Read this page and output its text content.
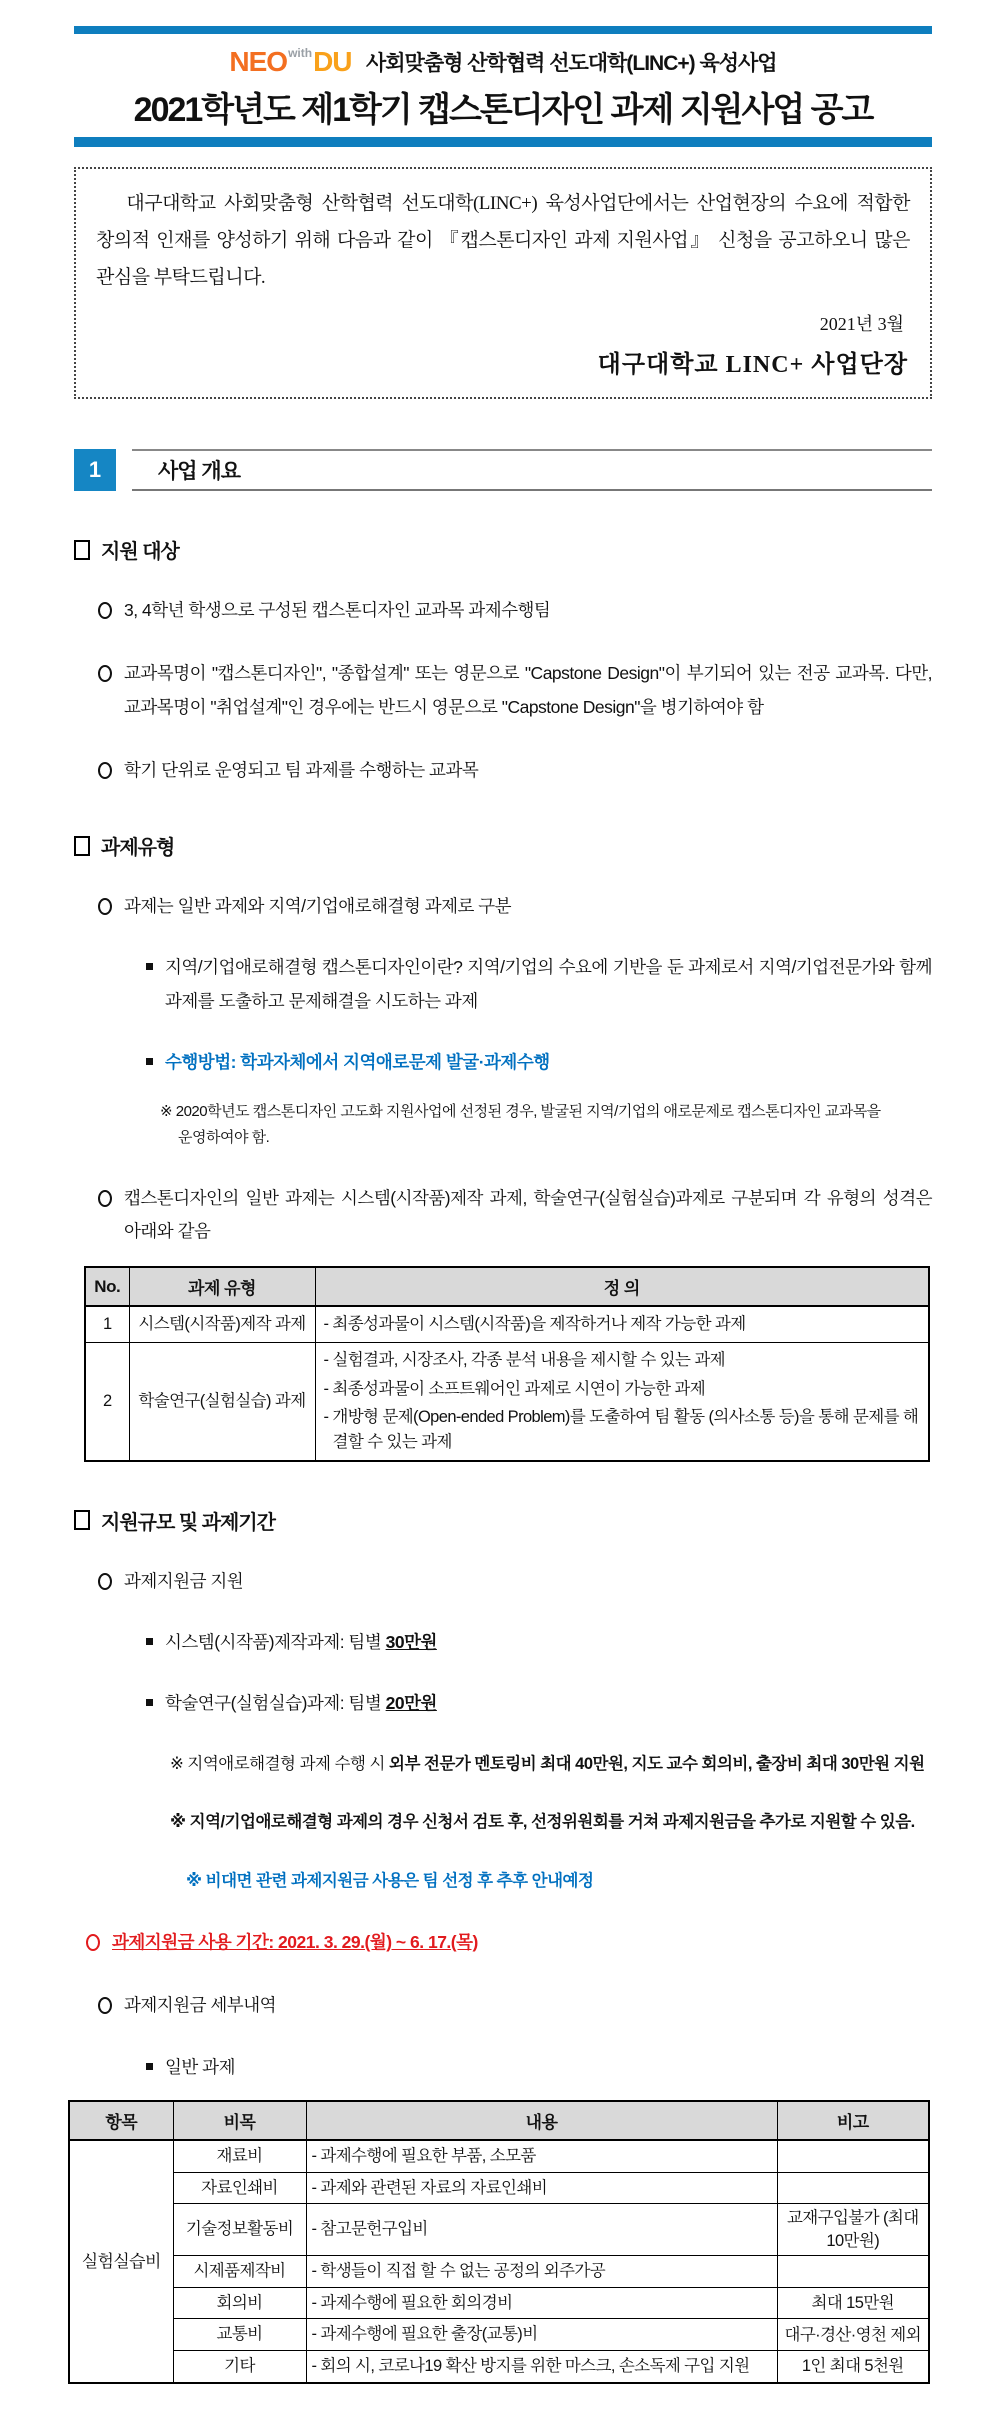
$NEO^{with}DU$ 사회맞춤형 산학협력 선도대학(LINC+) 육성사업
2021학년도 제1학기 캡스톤디자인 과제 지원사업 공고

대구대학교 사회맞춤형 산학협력 선도대학(LINC+) 육성사업단에서는 산업현장의 수요에 적합한 창의적 인재를 양성하기 위해 다음과 같이 『캡스톤디자인 과제 지원사업』 신청을 공고하오니 많은 관심을 부탁드립니다.

2021년 3월
대구대학교 LINC+ 사업단장
1	사업 개요
지원 대상

3, 4학년 학생으로 구성된 캡스톤디자인 교과목 과제수행팀

교과목명이 "캡스톤디자인", "종합설계" 또는 영문으로 "Capstone Design"이 부기되어 있는 전공 교과목. 다만, 교과목명이 "취업설계"인 경우에는 반드시 영문으로 "Capstone Design"을 병기하여야 함

학기 단위로 운영되고 팀 과제를 수행하는 교과목

과제유형

과제는 일반 과제와 지역/기업애로해결형 과제로 구분

지역/기업애로해결형 캡스톤디자인이란? 지역/기업의 수요에 기반을 둔 과제로서 지역/기업전문가와 함께 과제를 도출하고 문제해결을 시도하는 과제

수행방법: 학과자체에서 지역애로문제 발굴·과제수행

※ 2020학년도 캡스톤디자인 고도화 지원사업에 선정된 경우, 발굴된 지역/기업의 애로문제로 캡스톤디자인 교과목을 운영하여야 함.

캡스톤디자인의 일반 과제는 시스템(시작품)제작 과제, 학술연구(실험실습)과제로 구분되며 각 유형의 성격은 아래와 같음

No.	과제 유형	정 의
1	시스템(시작품)제작 과제	- 최종성과물이 시스템(시작품)을 제작하거나 제작 가능한 과제

2	학술연구(실험실습) 과제	- 실험결과, 시장조사, 각종 분석 내용을 제시할 수 있는 과제
- 최종성과물이 소프트웨어인 과제로 시연이 가능한 과제
- 개방형 문제(Open-ended Problem)를 도출하여 팀 활동 (의사소통 등)을 통해 문제를 해결할 수 있는 과제
지원규모 및 과제기간

과제지원금 지원

시스템(시작품)제작과제: 팀별 30만원

학술연구(실험실습)과제: 팀별 20만원

※ 지역애로해결형 과제 수행 시 외부 전문가 멘토링비 최대 40만원, 지도 교수 회의비, 출장비 최대 30만원 지원

※ 지역/기업애로해결형 과제의 경우 신청서 검토 후, 선정위원회를 거쳐 과제지원금을 추가로 지원할 수 있음.

※ 비대면 관련 과제지원금 사용은 팀 선정 후 추후 안내예정

과제지원금 사용 기간: 2021. 3. 29.(월) ~ 6. 17.(목)

과제지원금 세부내역

일반 과제

항목	비목	내용	비고
실험실습비	재료비	- 과제수행에 필요한 부품, 소모품	
	자료인쇄비	- 과제와 관련된 자료의 자료인쇄비	
	기술정보활동비	- 참고문헌구입비	교재구입불가 (최대 10만원)
	시제품제작비	- 학생들이 직접 할 수 없는 공정의 외주가공	
	회의비	- 과제수행에 필요한 회의경비	최대 15만원
	교통비	- 과제수행에 필요한 출장(교통)비	대구·경산·영천 제외
	기타	- 회의 시, 코로나19 확산 방지를 위한 마스크, 손소독제 구입 지원	1인 최대 5천원
